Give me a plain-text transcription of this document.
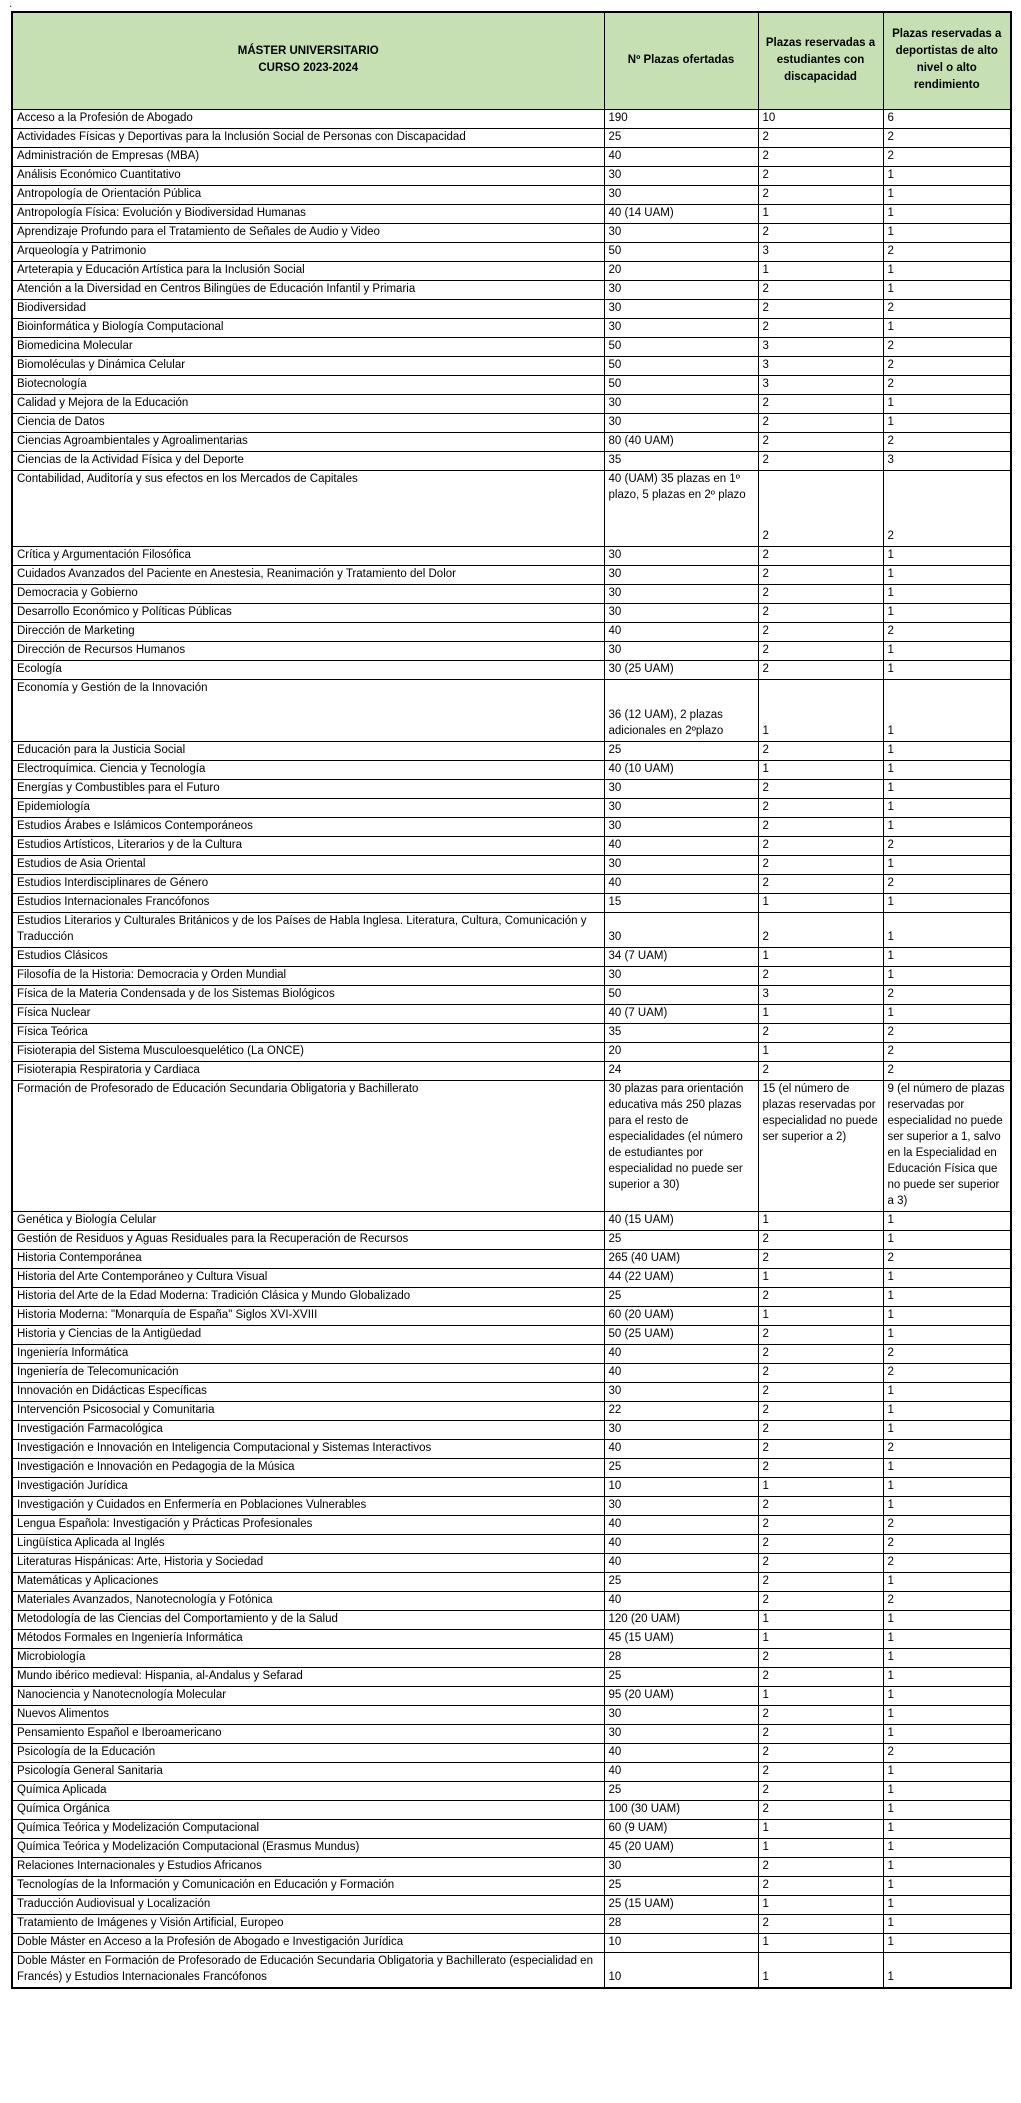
.
MÁSTER UNIVERSITARIO
CURSO 2023-2024	Nº Plazas ofertadas	Plazas reservadas a estudiantes con discapacidad	Plazas reservadas a deportistas de alto nivel o alto rendimiento
Acceso a la Profesión de Abogado	190	10	6
Actividades Físicas y Deportivas para la Inclusión Social de Personas con Discapacidad	25	2	2
Administración de Empresas (MBA)	40	2	2
Análisis Económico Cuantitativo	30	2	1
Antropología de Orientación Pública	30	2	1
Antropología Física: Evolución y Biodiversidad Humanas	40 (14 UAM)	1	1
Aprendizaje Profundo para el Tratamiento de Señales de Audio y Video	30	2	1
Arqueología y Patrimonio	50	3	2
Arteterapia y Educación Artística para la Inclusión Social	20	1	1
Atención a la Diversidad en Centros Bilingües de Educación Infantil y Primaria	30	2	1
Biodiversidad	30	2	2
Bioinformática y Biología Computacional	30	2	1
Biomedicina Molecular	50	3	2
Biomoléculas y Dinámica Celular	50	3	2
Biotecnología	50	3	2
Calidad y Mejora de la Educación	30	2	1
Ciencia de Datos	30	2	1
Ciencias Agroambientales y Agroalimentarias	80 (40 UAM)	2	2
Ciencias de la Actividad Física y del Deporte	35	2	3
Contabilidad, Auditoría y sus efectos en los Mercados de Capitales	40 (UAM) 35 plazas en 1º plazo, 5 plazas en 2º plazo	2	2
Crítica y Argumentación Filosófica	30	2	1
Cuidados Avanzados del Paciente en Anestesia, Reanimación y Tratamiento del Dolor	30	2	1
Democracia y Gobierno	30	2	1
Desarrollo Económico y Políticas Públicas	30	2	1
Dirección de Marketing	40	2	2
Dirección de Recursos Humanos	30	2	1
Ecología	30 (25 UAM)	2	1
Economía y Gestión de la Innovación	36 (12 UAM), 2 plazas adicionales en 2ºplazo	1	1
Educación para la Justicia Social	25	2	1
Electroquímica. Ciencia y Tecnología	40 (10 UAM)	1	1
Energías y Combustibles para el Futuro	30	2	1
Epidemiología	30	2	1
Estudios Árabes e Islámicos Contemporáneos	30	2	1
Estudios Artísticos, Literarios y de la Cultura	40	2	2
Estudios de Asia Oriental	30	2	1
Estudios Interdisciplinares de Género	40	2	2
Estudios Internacionales Francófonos	15	1	1
Estudios Literarios y Culturales Británicos y de los Países de Habla Inglesa. Literatura, Cultura, Comunicación y Traducción	30	2	1
Estudios Clásicos	34 (7 UAM)	1	1
Filosofía de la Historia: Democracia y Orden Mundial	30	2	1
Física de la Materia Condensada y de los Sistemas Biológicos	50	3	2
Física Nuclear	40 (7 UAM)	1	1
Física Teórica	35	2	2
Fisioterapia del Sistema Musculoesquelético (La ONCE)	20	1	2
Fisioterapia Respiratoria y Cardiaca	24	2	2
Formación de Profesorado de Educación Secundaria Obligatoria y Bachillerato	30 plazas para orientación educativa más 250 plazas para el resto de especialidades (el número de estudiantes por especialidad no puede ser superior a 30)	15 (el número de plazas reservadas por especialidad no puede ser superior a 2)	9 (el número de plazas reservadas por especialidad no puede ser superior a 1, salvo en la Especialidad en Educación Física que no puede ser superior a 3)
Genética y Biología Celular	40 (15 UAM)	1	1
Gestión de Residuos y Aguas Residuales para la Recuperación de Recursos	25	2	1
Historia Contemporánea	265 (40 UAM)	2	2
Historia del Arte Contemporáneo y Cultura Visual	44 (22 UAM)	1	1
Historia del Arte de la Edad Moderna: Tradición Clásica y Mundo Globalizado	25	2	1
Historia Moderna: "Monarquía de España" Siglos XVI-XVIII	60 (20 UAM)	1	1
Historia y Ciencias de la Antigüedad	50 (25 UAM)	2	1
Ingeniería Informática	40	2	2
Ingeniería de Telecomunicación	40	2	2
Innovación en Didácticas Específicas	30	2	1
Intervención Psicosocial y Comunitaria	22	2	1
Investigación Farmacológica	30	2	1
Investigación e Innovación en Inteligencia Computacional y Sistemas Interactivos	40	2	2
Investigación e Innovación en Pedagogia de la Música	25	2	1
Investigación Jurídica	10	1	1
Investigación y Cuidados en Enfermería en Poblaciones Vulnerables	30	2	1
Lengua Española: Investigación y Prácticas Profesionales	40	2	2
Lingüística Aplicada al Inglés	40	2	2
Literaturas Hispánicas: Arte, Historia y Sociedad	40	2	2
Matemáticas y Aplicaciones	25	2	1
Materiales Avanzados, Nanotecnología y Fotónica	40	2	2
Metodología de las Ciencias del Comportamiento y de la Salud	120 (20 UAM)	1	1
Métodos Formales en Ingeniería Informática	45 (15 UAM)	1	1
Microbiología	28	2	1
Mundo ibérico medieval: Hispania, al-Andalus y Sefarad	25	2	1
Nanociencia y Nanotecnología Molecular	95 (20 UAM)	1	1
Nuevos Alimentos	30	2	1
Pensamiento Español e Iberoamericano	30	2	1
Psicología de la Educación	40	2	2
Psicología General Sanitaria	40	2	1
Química Aplicada	25	2	1
Química Orgánica	100 (30 UAM)	2	1
Química Teórica y Modelización Computacional	60 (9 UAM)	1	1
Química Teórica y Modelización Computacional (Erasmus Mundus)	45 (20 UAM)	1	1
Relaciones Internacionales y Estudios Africanos	30	2	1
Tecnologías de la Información y Comunicación en Educación y Formación	25	2	1
Traducción Audiovisual y Localización	25 (15 UAM)	1	1
Tratamiento de Imágenes y Visión Artificial, Europeo	28	2	1
Doble Máster en Acceso a la Profesión de Abogado e Investigación Jurídica	10	1	1
Doble Máster en Formación de Profesorado de Educación Secundaria Obligatoria y Bachillerato (especialidad en Francés) y Estudios Internacionales Francófonos	10	1	1
